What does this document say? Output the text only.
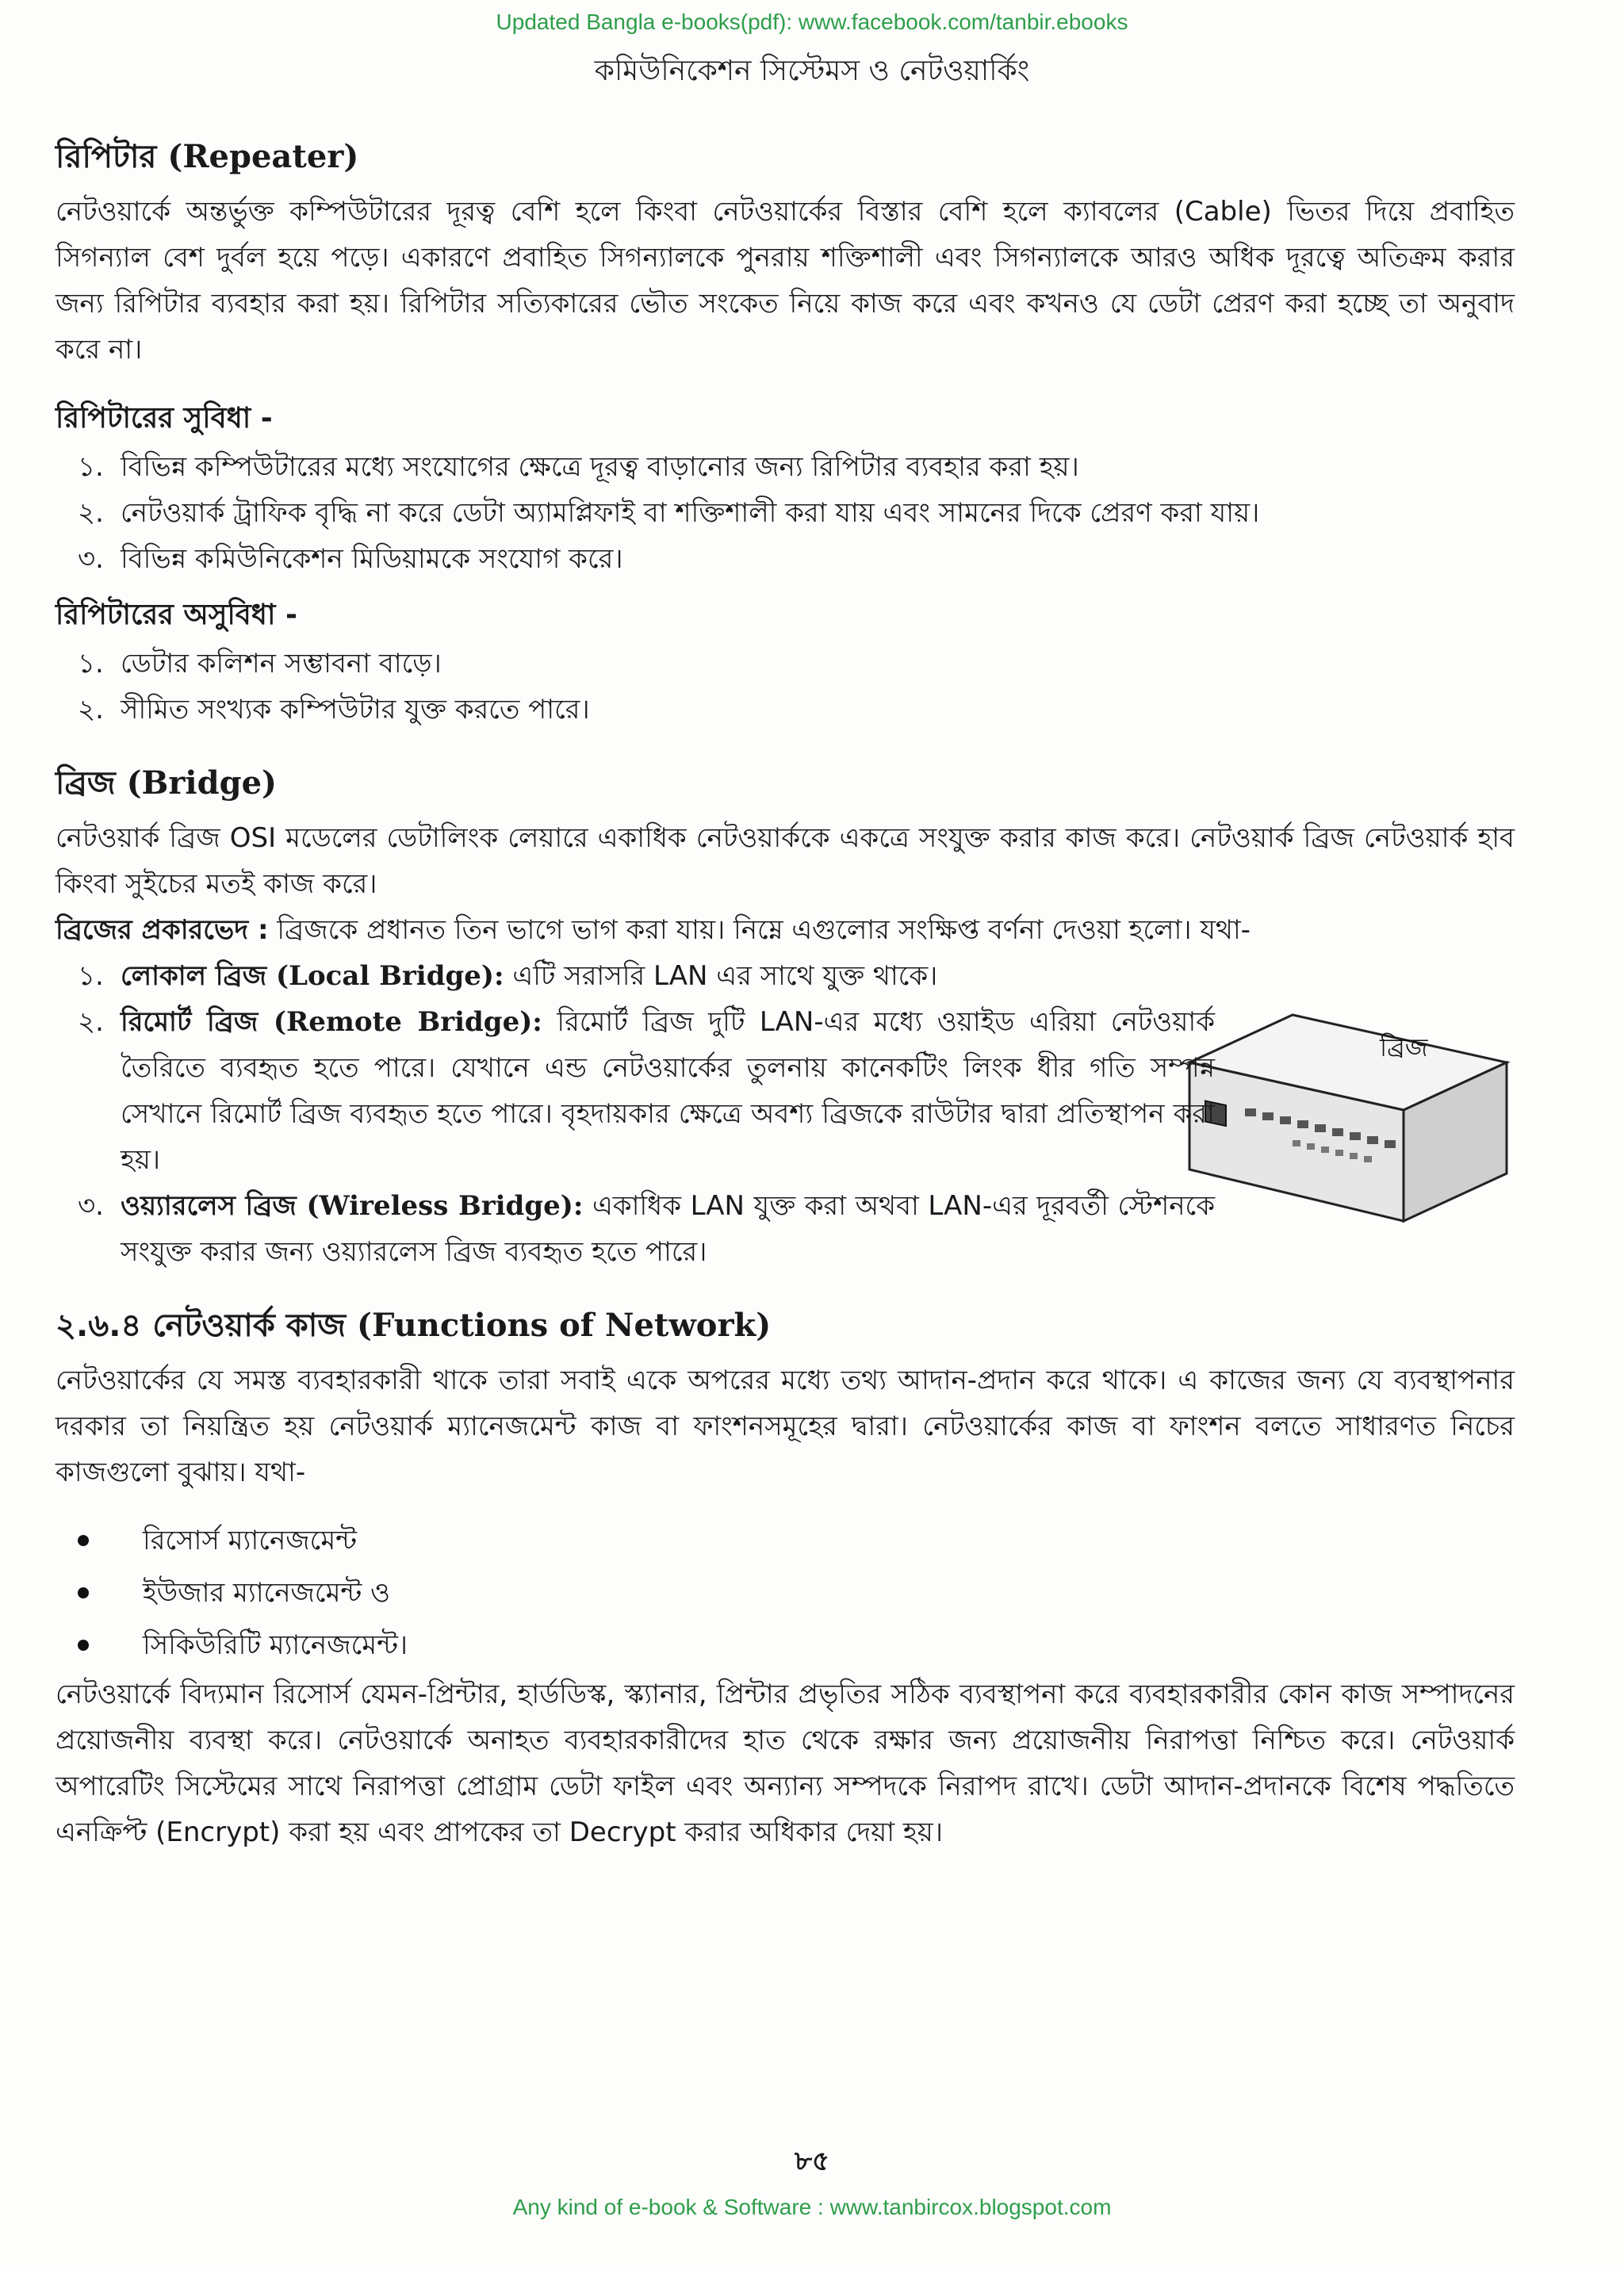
Updated Bangla e-books(pdf): www.facebook.com/tanbir.ebooks
কমিউনিকেশন সিস্টেমস ও নেটওয়ার্কিং
রিপিটার (Repeater)

নেটওয়ার্কে অন্তর্ভুক্ত কম্পিউটারের দূরত্ব বেশি হলে কিংবা নেটওয়ার্কের বিস্তার বেশি হলে ক্যাবলের (Cable) ভিতর দিয়ে প্রবাহিত সিগন্যাল বেশ দুর্বল হয়ে পড়ে। একারণে প্রবাহিত সিগন্যালকে পুনরায় শক্তিশালী এবং সিগন্যালকে আরও অধিক দূরত্বে অতিক্রম করার জন্য রিপিটার ব্যবহার করা হয়। রিপিটার সত্যিকারের ভৌত সংকেত নিয়ে কাজ করে এবং কখনও যে ডেটা প্রেরণ করা হচ্ছে তা অনুবাদ করে না।

রিপিটারের সুবিধা -
১. বিভিন্ন কম্পিউটারের মধ্যে সংযোগের ক্ষেত্রে দূরত্ব বাড়ানোর জন্য রিপিটার ব্যবহার করা হয়।
২. নেটওয়ার্ক ট্রাফিক বৃদ্ধি না করে ডেটা অ্যামপ্লিফাই বা শক্তিশালী করা যায় এবং সামনের দিকে প্রেরণ করা যায়।
৩. বিভিন্ন কমিউনিকেশন মিডিয়ামকে সংযোগ করে।
রিপিটারের অসুবিধা -
১. ডেটার কলিশন সম্ভাবনা বাড়ে।
২. সীমিত সংখ্যক কম্পিউটার যুক্ত করতে পারে।
ব্রিজ (Bridge)

নেটওয়ার্ক ব্রিজ OSI মডেলের ডেটালিংক লেয়ারে একাধিক নেটওয়ার্ককে একত্রে সংযুক্ত করার কাজ করে। নেটওয়ার্ক ব্রিজ নেটওয়ার্ক হাব কিংবা সুইচের মতই কাজ করে।

ব্রিজের প্রকারভেদ : ব্রিজকে প্রধানত তিন ভাগে ভাগ করা যায়। নিম্নে এগুলোর সংক্ষিপ্ত বর্ণনা দেওয়া হলো। যথা-

ব্রিজ
১. লোকাল ব্রিজ (Local Bridge): এটি সরাসরি LAN এর সাথে যুক্ত থাকে।
২. রিমোর্ট ব্রিজ (Remote Bridge): রিমোর্ট ব্রিজ দুটি LAN-এর মধ্যে ওয়াইড এরিয়া নেটওয়ার্ক তৈরিতে ব্যবহৃত হতে পারে। যেখানে এন্ড নেটওয়ার্কের তুলনায় কানেকটিং লিংক ধীর গতি সম্পন্ন সেখানে রিমোর্ট ব্রিজ ব্যবহৃত হতে পারে। বৃহদায়কার ক্ষেত্রে অবশ্য ব্রিজকে রাউটার দ্বারা প্রতিস্থাপন করা হয়।
৩. ওয়্যারলেস ব্রিজ (Wireless Bridge): একাধিক LAN যুক্ত করা অথবা LAN-এর দূরবর্তী স্টেশনকে সংযুক্ত করার জন্য ওয়্যারলেস ব্রিজ ব্যবহৃত হতে পারে।
২.৬.৪ নেটওয়ার্ক কাজ (Functions of Network)

নেটওয়ার্কের যে সমস্ত ব্যবহারকারী থাকে তারা সবাই একে অপরের মধ্যে তথ্য আদান-প্রদান করে থাকে। এ কাজের জন্য যে ব্যবস্থাপনার দরকার তা নিয়ন্ত্রিত হয় নেটওয়ার্ক ম্যানেজমেন্ট কাজ বা ফাংশনসমূহের দ্বারা। নেটওয়ার্কের কাজ বা ফাংশন বলতে সাধারণত নিচের কাজগুলো বুঝায়। যথা-

রিসোর্স ম্যানেজমেন্ট
ইউজার ম্যানেজমেন্ট ও
সিকিউরিটি ম্যানেজমেন্ট।

নেটওয়ার্কে বিদ্যমান রিসোর্স যেমন-প্রিন্টার, হার্ডডিস্ক, স্ক্যানার, প্রিন্টার প্রভৃতির সঠিক ব্যবস্থাপনা করে ব্যবহারকারীর কোন কাজ সম্পাদনের প্রয়োজনীয় ব্যবস্থা করে। নেটওয়ার্কে অনাহত ব্যবহারকারীদের হাত থেকে রক্ষার জন্য প্রয়োজনীয় নিরাপত্তা নিশ্চিত করে। নেটওয়ার্ক অপারেটিং সিস্টেমের সাথে নিরাপত্তা প্রোগ্রাম ডেটা ফাইল এবং অন্যান্য সম্পদকে নিরাপদ রাখে। ডেটা আদান-প্রদানকে বিশেষ পদ্ধতিতে এনক্রিপ্ট (Encrypt) করা হয় এবং প্রাপকের তা Decrypt করার অধিকার দেয়া হয়।

৮৫
Any kind of e-book & Software : www.tanbircox.blogspot.com
